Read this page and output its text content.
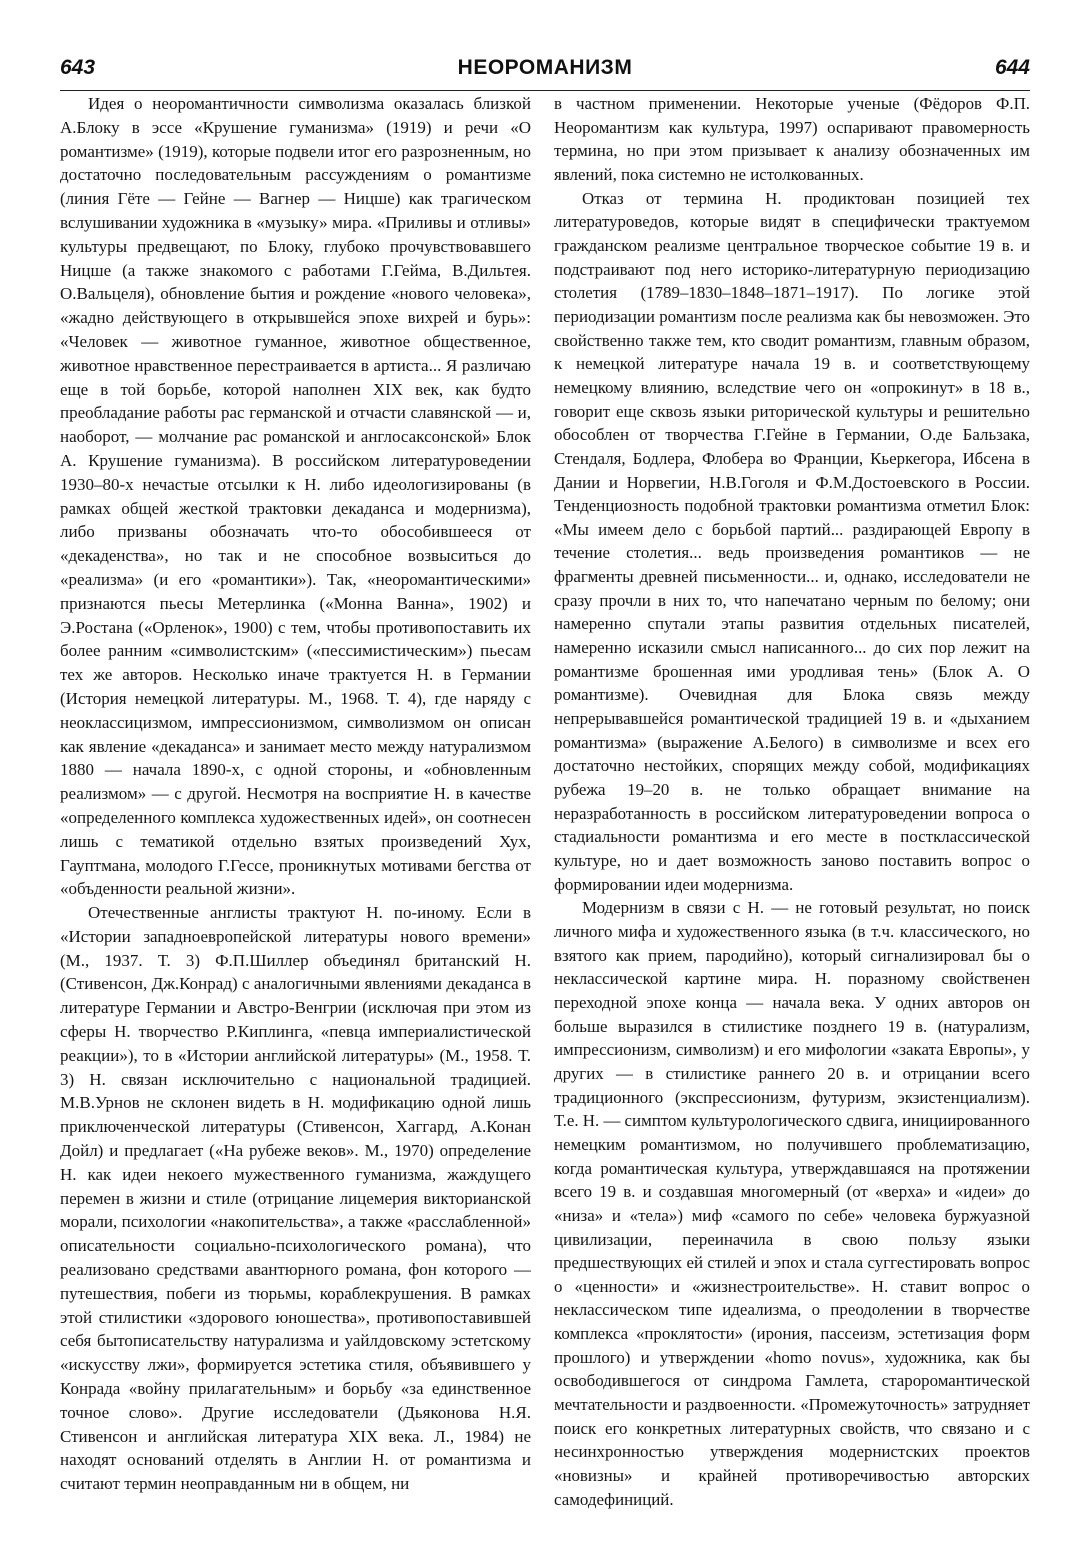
643	НЕОРОМАНИЗМ	644

Идея о неоромантичности символизма оказалась близкой А.Блоку в эссе «Крушение гуманизма» (1919) и речи «О романтизме» (1919), которые подвели итог его разрозненным, но достаточно последовательным рассуждениям о романтизме (линия Гёте — Гейне — Вагнер — Ницше) как трагическом вслушивании художника в «музыку» мира. «Приливы и отливы» культуры предвещают, по Блоку, глубоко прочувствовавшего Ницше (а также знакомого с работами Г.Гейма, В.Дильтея. О.Вальцеля), обновление бытия и рождение «нового человека», «жадно действующего в открывшейся эпохе вихрей и бурь»: «Человек — животное гуманное, животное общественное, животное нравственное перестраивается в артиста... Я различаю еще в той борьбе, которой наполнен XIX век, как будто преобладание работы рас германской и отчасти славянской — и, наоборот, — молчание рас романской и англосаксонской» Блок А. Крушение гуманизма). В российском литературоведении 1930–80-х нечастые отсылки к Н. либо идеологизированы (в рамках общей жесткой трактовки декаданса и модернизма), либо призваны обозначать что-то обособившееся от «декаденства», но так и не способное возвыситься до «реализма» (и его «романтики»). Так, «неоромантическими» признаются пьесы Метерлинка («Монна Ванна», 1902) и Э.Ростана («Орленок», 1900) с тем, чтобы противопоставить их более ранним «символистским» («пессимистическим») пьесам тех же авторов. Несколько иначе трактуется Н. в Германии (История немецкой литературы. М., 1968. Т. 4), где наряду с неоклассицизмом, импрессионизмом, символизмом он описан как явление «декаданса» и занимает место между натурализмом 1880 — начала 1890-х, с одной стороны, и «обновленным реализмом» — с другой. Несмотря на восприятие Н. в качестве «определенного комплекса художественных идей», он соотнесен лишь с тематикой отдельно взятых произведений Хух, Гауптмана, молодого Г.Гессе, проникнутых мотивами бегства от «объденности реальной жизни».

Отечественные англисты трактуют Н. по-иному. Если в «Истории западноевропейской литературы нового времени» (М., 1937. Т. 3) Ф.П.Шиллер объединял британский Н. (Стивенсон, Дж.Конрад) с аналогичными явлениями декаданса в литературе Германии и Австро-Венгрии (исключая при этом из сферы Н. творчество Р.Киплинга, «певца империалистической реакции»), то в «Истории английской литературы» (М., 1958. Т. 3) Н. связан исключительно с национальной традицией. М.В.Урнов не склонен видеть в Н. модификацию одной лишь приключенческой литературы (Стивенсон, Хаггард, А.Конан Дойл) и предлагает («На рубеже веков». М., 1970) определение Н. как идеи некоего мужественного гуманизма, жаждущего перемен в жизни и стиле (отрицание лицемерия викторианской морали, психологии «накопительства», а также «расслабленной» описательности социально-психологического романа), что реализовано средствами авантюрного романа, фон которого — путешествия, побеги из тюрьмы, кораблекрушения. В рамках этой стилистики «здорового юношества», противопоставившей себя бытописательству натурализма и уайлдовскому эстетскому «искусству лжи», формируется эстетика стиля, объявившего у Конрада «войну прилагательным» и борьбу «за единственное точное слово». Другие исследователи (Дьяконова Н.Я. Стивенсон и английская литература XIX века. Л., 1984) не находят оснований отделять в Англии Н. от романтизма и считают термин неоправданным ни в общем, ни

в частном применении. Некоторые ученые (Фёдоров Ф.П. Неоромантизм как культура, 1997) оспаривают правомерность термина, но при этом призывает к анализу обозначенных им явлений, пока системно не истолкованных.

Отказ от термина Н. продиктован позицией тех литературоведов, которые видят в специфически трактуемом гражданском реализме центральное творческое событие 19 в. и подстраивают под него историко-литературную периодизацию столетия (1789–1830–1848–1871–1917). По логике этой периодизации романтизм после реализма как бы невозможен. Это свойственно также тем, кто сводит романтизм, главным образом, к немецкой литературе начала 19 в. и соответствующему немецкому влиянию, вследствие чего он «опрокинут» в 18 в., говорит еще сквозь языки риторической культуры и решительно обособлен от творчества Г.Гейне в Германии, О.де Бальзака, Стендаля, Бодлера, Флобера во Франции, Кьеркегора, Ибсена в Дании и Норвегии, Н.В.Гоголя и Ф.М.Достоевского в России. Тенденциозность подобной трактовки романтизма отметил Блок: «Мы имеем дело с борьбой партий... раздирающей Европу в течение столетия... ведь произведения романтиков — не фрагменты древней письменности... и, однако, исследователи не сразу прочли в них то, что напечатано черным по белому; они намеренно спутали этапы развития отдельных писателей, намеренно исказили смысл написанного... до сих пор лежит на романтизме брошенная ими уродливая тень» (Блок А. О романтизме). Очевидная для Блока связь между непрерывавшейся романтической традицией 19 в. и «дыханием романтизма» (выражение А.Белого) в символизме и всех его достаточно нестойких, спорящих между собой, модификациях рубежа 19–20 в. не только обращает внимание на неразработанность в российском литературоведении вопроса о стадиальности романтизма и его месте в постклассической культуре, но и дает возможность заново поставить вопрос о формировании идеи модернизма.

Модернизм в связи с Н. — не готовый результат, но поиск личного мифа и художественного языка (в т.ч. классического, но взятого как прием, пародийно), который сигнализировал бы о неклассической картине мира. Н. поразному свойственен переходной эпохе конца — начала века. У одних авторов он больше выразился в стилистике позднего 19 в. (натурализм, импрессионизм, символизм) и его мифологии «заката Европы», у других — в стилистике раннего 20 в. и отрицании всего традиционного (экспрессионизм, футуризм, экзистенциализм). Т.е. Н. — симптом культурологического сдвига, инициированного немецким романтизмом, но получившего проблематизацию, когда романтическая культура, утверждавшаяся на протяжении всего 19 в. и создавшая многомерный (от «верха» и «идеи» до «низа» и «тела») миф «самого по себе» человека буржуазной цивилизации, переиначила в свою пользу языки предшествующих ей стилей и эпох и стала суггестировать вопрос о «ценности» и «жизнестроительстве». Н. ставит вопрос о неклассическом типе идеализма, о преодолении в творчестве комплекса «проклятости» (ирония, пассеизм, эстетизация форм прошлого) и утверждении «homo novus», художника, как бы освободившегося от синдрома Гамлета, староромантической мечтательности и раздвоенности. «Промежуточность» затрудняет поиск его конкретных литературных свойств, что связано и с несинхронностью утверждения модернистских проектов «новизны» и крайней противоречивостью авторских самодефиниций.
